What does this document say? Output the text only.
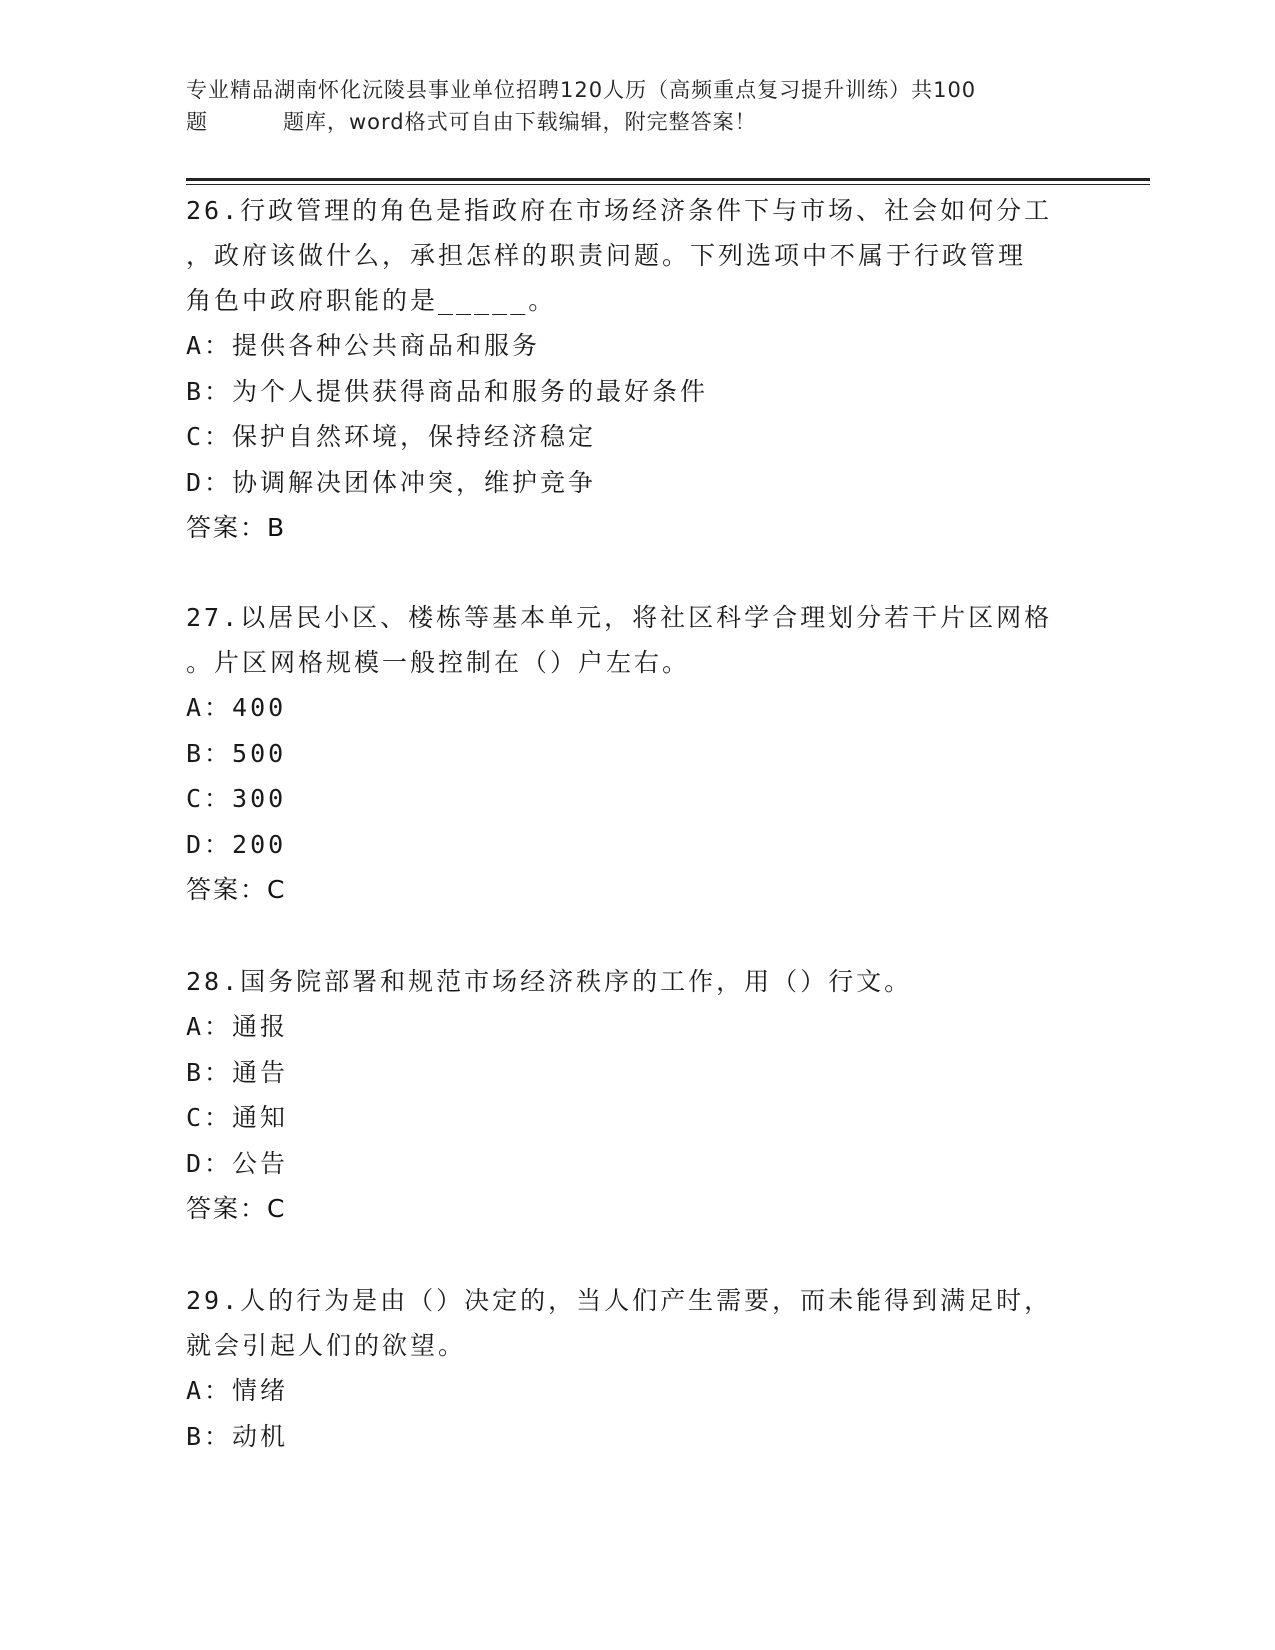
专业精品湖南怀化沅陵县事业单位招聘120人历（高频重点复习提升训练）共100
题	题库，word格式可自由下载编辑，附完整答案！
26.行政管理的角色是指政府在市场经济条件下与市场、社会如何分工
，政府该做什么，承担怎样的职责问题。下列选项中不属于行政管理
角色中政府职能的是_____。
A：提供各种公共商品和服务
B：为个人提供获得商品和服务的最好条件
C：保护自然环境，保持经济稳定
D：协调解决团体冲突，维护竞争
答案：B
27.以居民小区、楼栋等基本单元，将社区科学合理划分若干片区网格
。片区网格规模一般控制在（）户左右。
A：400
B：500
C：300
D：200
答案：C
28.国务院部署和规范市场经济秩序的工作，用（）行文。
A：通报
B：通告
C：通知
D：公告
答案：C
29.人的行为是由（）决定的，当人们产生需要，而未能得到满足时，
就会引起人们的欲望。
A：情绪
B：动机
